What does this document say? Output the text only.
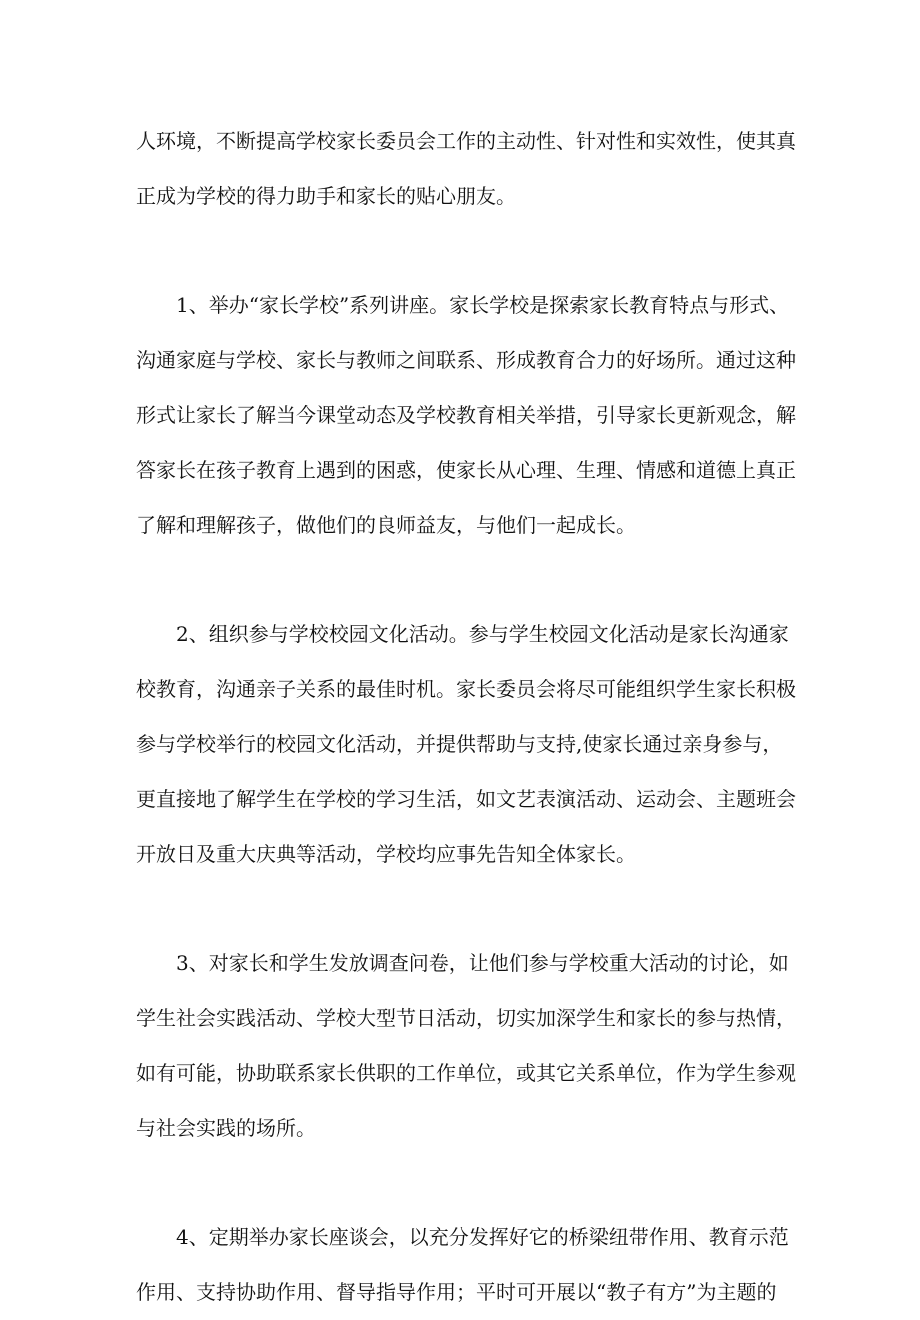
人环境，不断提高学校家长委员会工作的主动性、针对性和实效性，使其真
正成为学校的得力助手和家长的贴心朋友。

　　1、举办“家长学校”系列讲座。家长学校是探索家长教育特点与形式、
沟通家庭与学校、家长与教师之间联系、形成教育合力的好场所。通过这种
形式让家长了解当今课堂动态及学校教育相关举措，引导家长更新观念，解
答家长在孩子教育上遇到的困惑，使家长从心理、生理、情感和道德上真正
了解和理解孩子，做他们的良师益友，与他们一起成长。

　　2、组织参与学校校园文化活动。参与学生校园文化活动是家长沟通家
校教育，沟通亲子关系的最佳时机。家长委员会将尽可能组织学生家长积极
参与学校举行的校园文化活动，并提供帮助与支持,使家长通过亲身参与，
更直接地了解学生在学校的学习生活，如文艺表演活动、运动会、主题班会
开放日及重大庆典等活动，学校均应事先告知全体家长。

　　3、对家长和学生发放调查问卷，让他们参与学校重大活动的讨论，如
学生社会实践活动、学校大型节日活动，切实加深学生和家长的参与热情，
如有可能，协助联系家长供职的工作单位，或其它关系单位，作为学生参观
与社会实践的场所。

　　4、定期举办家长座谈会，以充分发挥好它的桥梁纽带作用、教育示范
作用、支持协助作用、督导指导作用；平时可开展以“教子有方”为主题的
